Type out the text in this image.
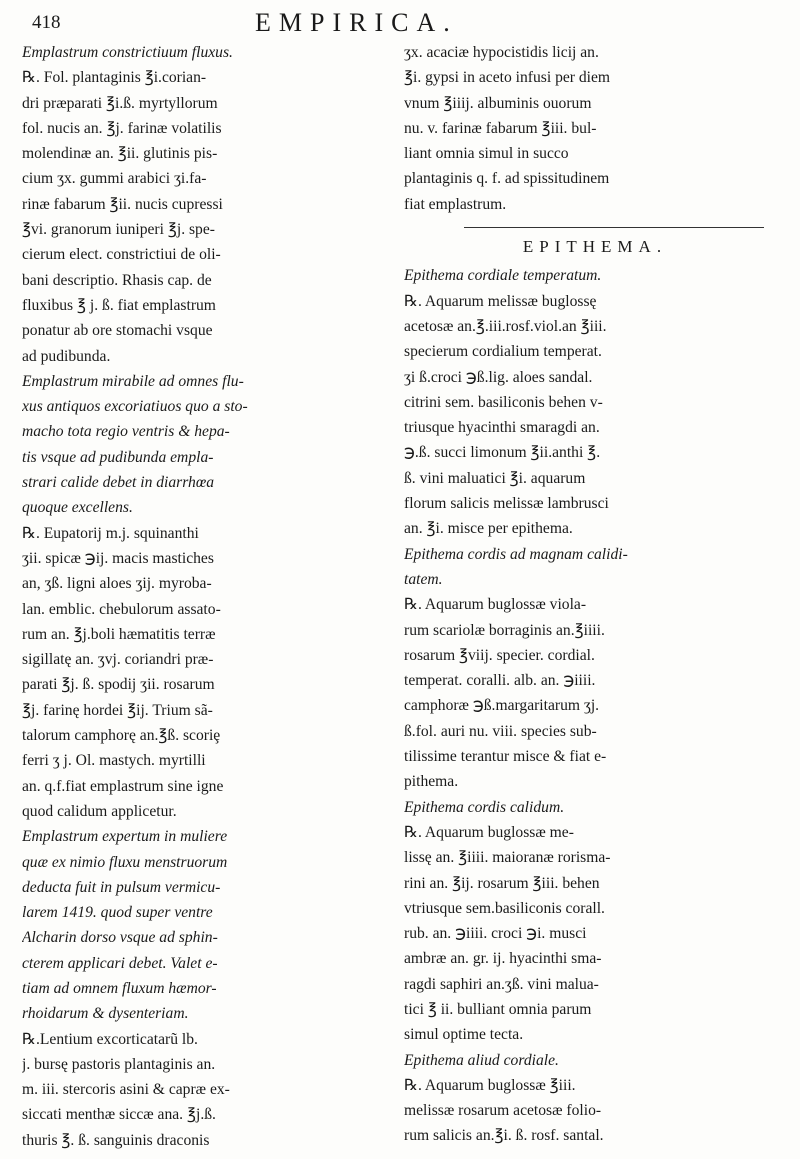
418	EMPIRICA.

Emplastrum constrictiuum fluxus.
℞. Fol. plantaginis ℥i.corian-
dri præparati ℥i.ß. myrtyllorum
fol. nucis an. ℥j. farinæ volatilis
molendinæ an. ℥ii. glutinis pis-
cium ʒx. gummi arabici ʒi.fa-
rinæ fabarum ℥ii. nucis cupressi
℥vi. granorum iuniperi ℥j. spe-
cierum elect. constrictiui de oli-
bani descriptio. Rhasis cap. de
fluxibus ℥ j. ß. fiat emplastrum
ponatur ab ore stomachi vsque
ad pudibunda.
Emplastrum mirabile ad omnes flu-
xus antiquos excoriatiuos quo a sto-
macho tota regio ventris & hepa-
tis vsque ad pudibunda empla-
strari calide debet in diarrhœa
quoque excellens.
℞. Eupatorij m.j. squinanthi
ʒii. spicæ ℈ij. macis mastiches
an, ʒß. ligni aloes ʒij. myroba-
lan. emblic. chebulorum assato-
rum an. ℥j.boli hæmatitis terræ
sigillatę an. ʒvj. coriandri præ-
parati ℥j. ß. spodij ʒii. rosarum
℥j. farinę hordei ℥ij. Trium sã-
talorum camphorę an.℥ß. scoriȩ
ferri ʒ j. Ol. mastych. myrtilli
an. q.f.fiat emplastrum sine igne
quod calidum applicetur.
Emplastrum expertum in muliere
quæ ex nimio fluxu menstruorum
deducta fuit in pulsum vermicu-
larem 1419. quod super ventre
Alcharin dorso vsque ad sphin-
cterem applicari debet. Valet e-
tiam ad omnem fluxum hæmor-
rhoidarum & dysenteriam.
℞.Lentium excorticatarũ lb.
j. bursę pastoris plantaginis an.
m. iii. stercoris asini & capræ ex-
siccati menthæ siccæ ana. ℥j.ß.
thuris ℥. ß. sanguinis draconis

ʒx. acaciæ hypocistidis licij an.
℥i. gypsi in aceto infusi per diem
vnum ℥iiij. albuminis ouorum
nu. v. farinæ fabarum ℥iii. bul-
liant omnia simul in succo
plantaginis q. f. ad spissitudinem
fiat emplastrum.

EPITHEMA.

Epithema cordiale temperatum.
℞. Aquarum melissæ buglossę
acetosæ an.℥.iii.rosf.viol.an ℥iii.
specierum cordialium temperat.
ʒi ß.croci ℈ß.lig. aloes sandal.
citrini sem. basiliconis behen v-
triusque hyacinthi smaragdi an.
℈.ß. succi limonum ℥ii.anthi ℥.
ß. vini maluatici ℥i. aquarum
florum salicis melissæ lambrusci
an. ℥i. misce per epithema.
Epithema cordis ad magnam calidi-
tatem.
℞. Aquarum buglossæ viola-
rum scariolæ borraginis an.℥iiii.
rosarum ℥viij. specier. cordial.
temperat. coralli. alb. an. ℈iiii.
camphoræ ℈ß.margaritarum ʒj.
ß.fol. auri nu. viii. species sub-
tilissime terantur misce & fiat e-
pithema.
Epithema cordis calidum.
℞. Aquarum buglossæ me-
lissę an. ℥iiii. maioranæ rorisma-
rini an. ℥ij. rosarum ℥iii. behen
vtriusque sem.basiliconis corall.
rub. an. ℈iiii. croci ℈i. musci
ambræ an. gr. ij. hyacinthi sma-
ragdi saphiri an.ʒß. vini malua-
tici ℥ ii. bulliant omnia parum
simul optime tecta.
Epithema aliud cordiale.
℞. Aquarum buglossæ ℥iii.
melissæ rosarum acetosæ folio-
rum salicis an.℥i. ß. rosf. santal.
